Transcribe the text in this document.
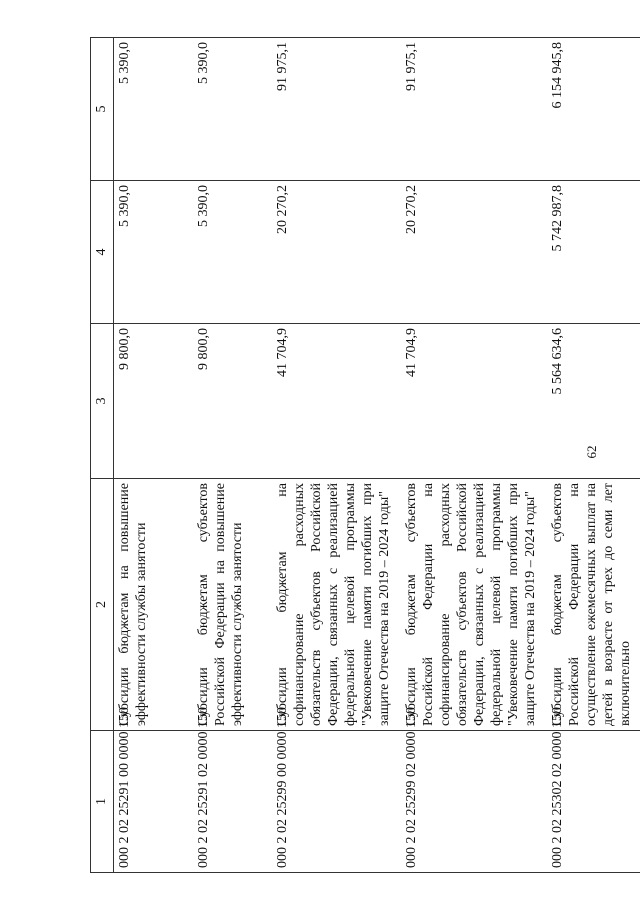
62
1	2	3	4	5
000 2 02 25291 00 0000 150	Субсидии бюджетам на повышение эффективности службы занятости	9 800,0	5 390,0	5 390,0
000 2 02 25291 02 0000 150	Субсидии бюджетам субъектов Российской Федерации на повышение эффективности службы занятости	9 800,0	5 390,0	5 390,0
000 2 02 25299 00 0000 150	Субсидии бюджетам на софинансирование расходных обязательств субъектов Российской Федерации, связанных с реализацией федеральной целевой программы "Увековечение памяти погибших при защите Отечества на 2019 – 2024 годы"	41 704,9	20 270,2	91 975,1
000 2 02 25299 02 0000 150	Субсидии бюджетам субъектов Российской Федерации на софинансирование расходных обязательств субъектов Российской Федерации, связанных с реализацией федеральной целевой программы "Увековечение памяти погибших при защите Отечества на 2019 – 2024 годы"	41 704,9	20 270,2	91 975,1
000 2 02 25302 02 0000 150	Субсидии бюджетам субъектов Российской Федерации на осуществление ежемесячных выплат на детей в возрасте от трех до семи лет включительно	5 564 634,6	5 742 987,8	6 154 945,8
